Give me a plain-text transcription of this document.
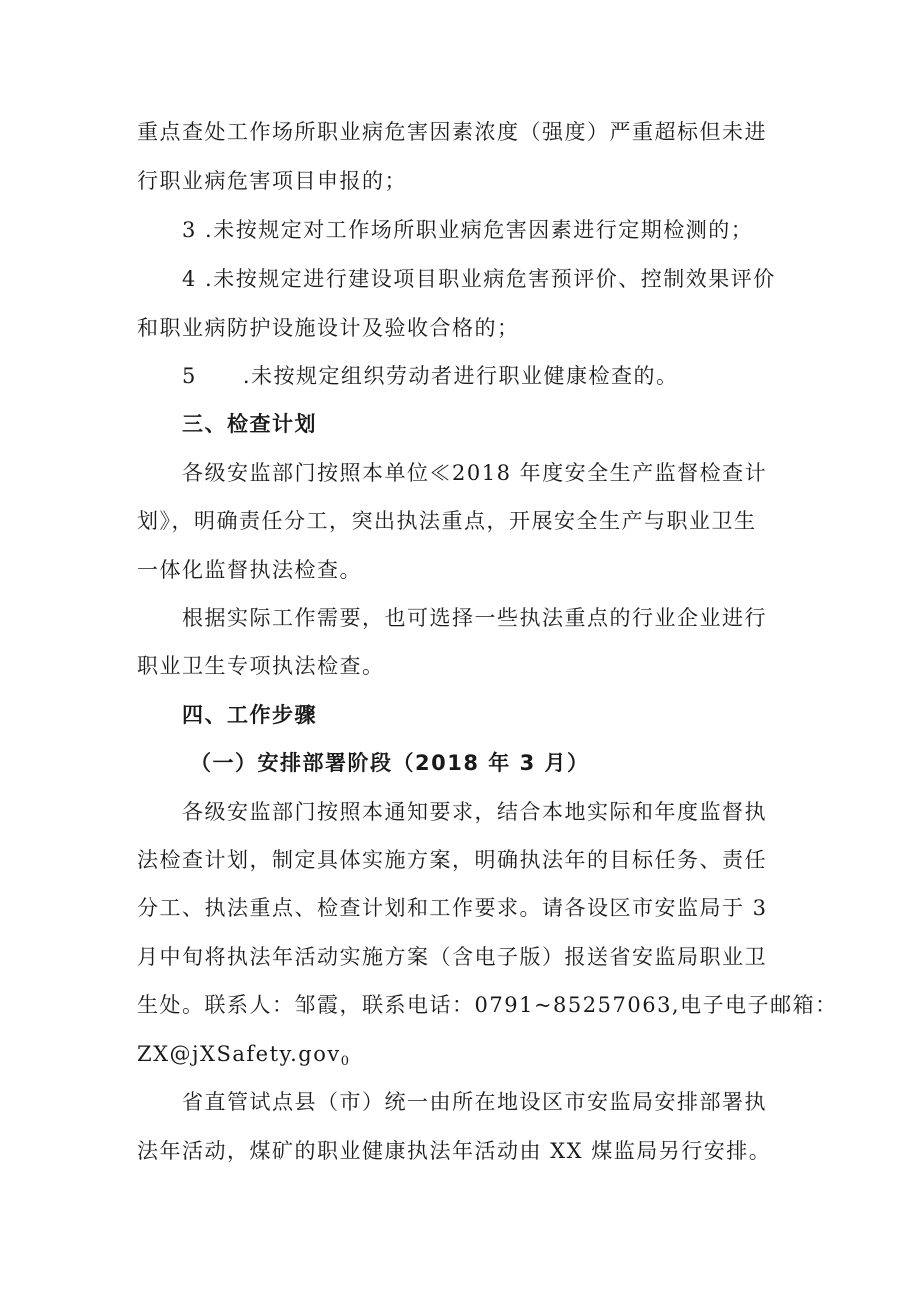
重点查处工作场所职业病危害因素浓度（强度）严重超标但未进
行职业病危害项目申报的；
3 .未按规定对工作场所职业病危害因素进行定期检测的；
4 .未按规定进行建设项目职业病危害预评价、控制效果评价
和职业病防护设施设计及验收合格的；
5 .未按规定组织劳动者进行职业健康检查的。
三、检查计划
各级安监部门按照本单位≪2018 年度安全生产监督检查计
划》，明确责任分工，突出执法重点，开展安全生产与职业卫生
一体化监督执法检查。
根据实际工作需要，也可选择一些执法重点的行业企业进行
职业卫生专项执法检查。
四、工作步骤
（一）安排部署阶段（2018 年 3 月）
各级安监部门按照本通知要求，结合本地实际和年度监督执
法检查计划，制定具体实施方案，明确执法年的目标任务、责任
分工、执法重点、检查计划和工作要求。请各设区市安监局于 3
月中旬将执法年活动实施方案（含电子版）报送省安监局职业卫
生处。联系人：邹霞，联系电话：0791~85257063,电子电子邮箱：
ZX@jXSafety.gov$_0$
省直管试点县（市）统一由所在地设区市安监局安排部署执
法年活动，煤矿的职业健康执法年活动由 XX 煤监局另行安排。
